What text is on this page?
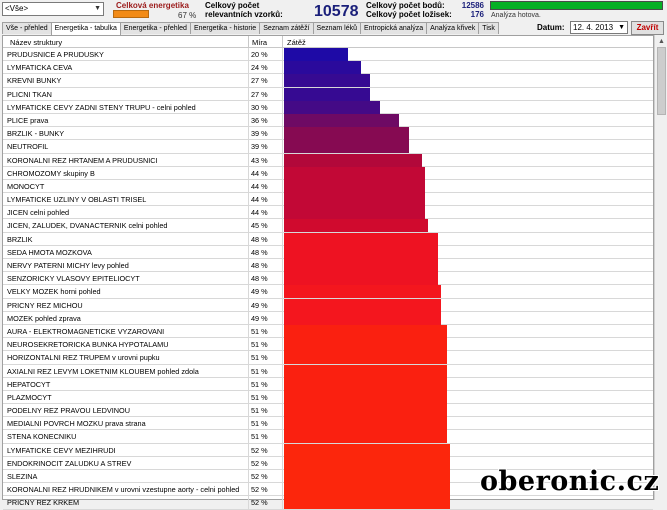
<Vše>	▼ Celková energetika
67 %
Celkový počet
relevantních vzorků:	10578 Celkový počet bodů:
Celkový počet ložisek:
12586
176 Analýza hotova.
Vše - přehled	Energetika - tabulka	Energetika - přehled	Energetika - historie	Seznam zátěží	Seznam léků	Entropická analýza	Analýza křivek	Tisk	Datum:	12. 4. 2013 ▼	Zavřít
Název struktury	Míra	Zátěž
PRUDUSNICE A PRUDUSKY	20 %
LYMFATICKA CEVA	24 %
KREVNI BUNKY	27 %
PLICNI TKAN	27 %
LYMFATICKE CEVY ZADNI STENY TRUPU - celni pohled	30 %
PLICE prava	36 %
BRZLIK - BUNKY	39 %
NEUTROFIL	39 %
KORONALNI REZ HRTANEM A PRUDUSNICI	43 %
CHROMOZOMY skupiny B	44 %
MONOCYT	44 %
LYMFATICKE UZLINY V OBLASTI TRISEL	44 %
JICEN celni pohled	44 %
JICEN, ZALUDEK, DVANACTERNIK celni pohled	45 %
BRZLIK	48 %
SEDA HMOTA MOZKOVA	48 %
NERVY PATERNI MICHY levy pohled	48 %
SENZORICKY VLASOVY EPITELIOCYT	48 %
VELKY MOZEK horni pohled	49 %
PRICNY REZ MICHOU	49 %
MOZEK pohled zprava	49 %
AURA - ELEKTROMAGNETICKE VYZAROVANI	51 %
NEUROSEKRETORICKA BUNKA HYPOTALAMU	51 %
HORIZONTALNI REZ TRUPEM v urovni pupku	51 %
AXIALNI REZ LEVYM LOKETNIM KLOUBEM pohled zdola	51 %
HEPATOCYT	51 %
PLAZMOCYT	51 %
PODELNY REZ PRAVOU LEDVINOU	51 %
MEDIALNI POVRCH MOZKU prava strana	51 %
STENA KONECNIKU	51 %
LYMFATICKE CEVY MEZIHRUDI	52 %
ENDOKRINOCIT ZALUDKU A STREV	52 %
SLEZINA	52 %
KORONALNI REZ HRUDNIKEM v urovni vzestupne aorty - celni pohled 52 %
PRICNY REZ KRKEM	52 %
▲
oberonic.cz
